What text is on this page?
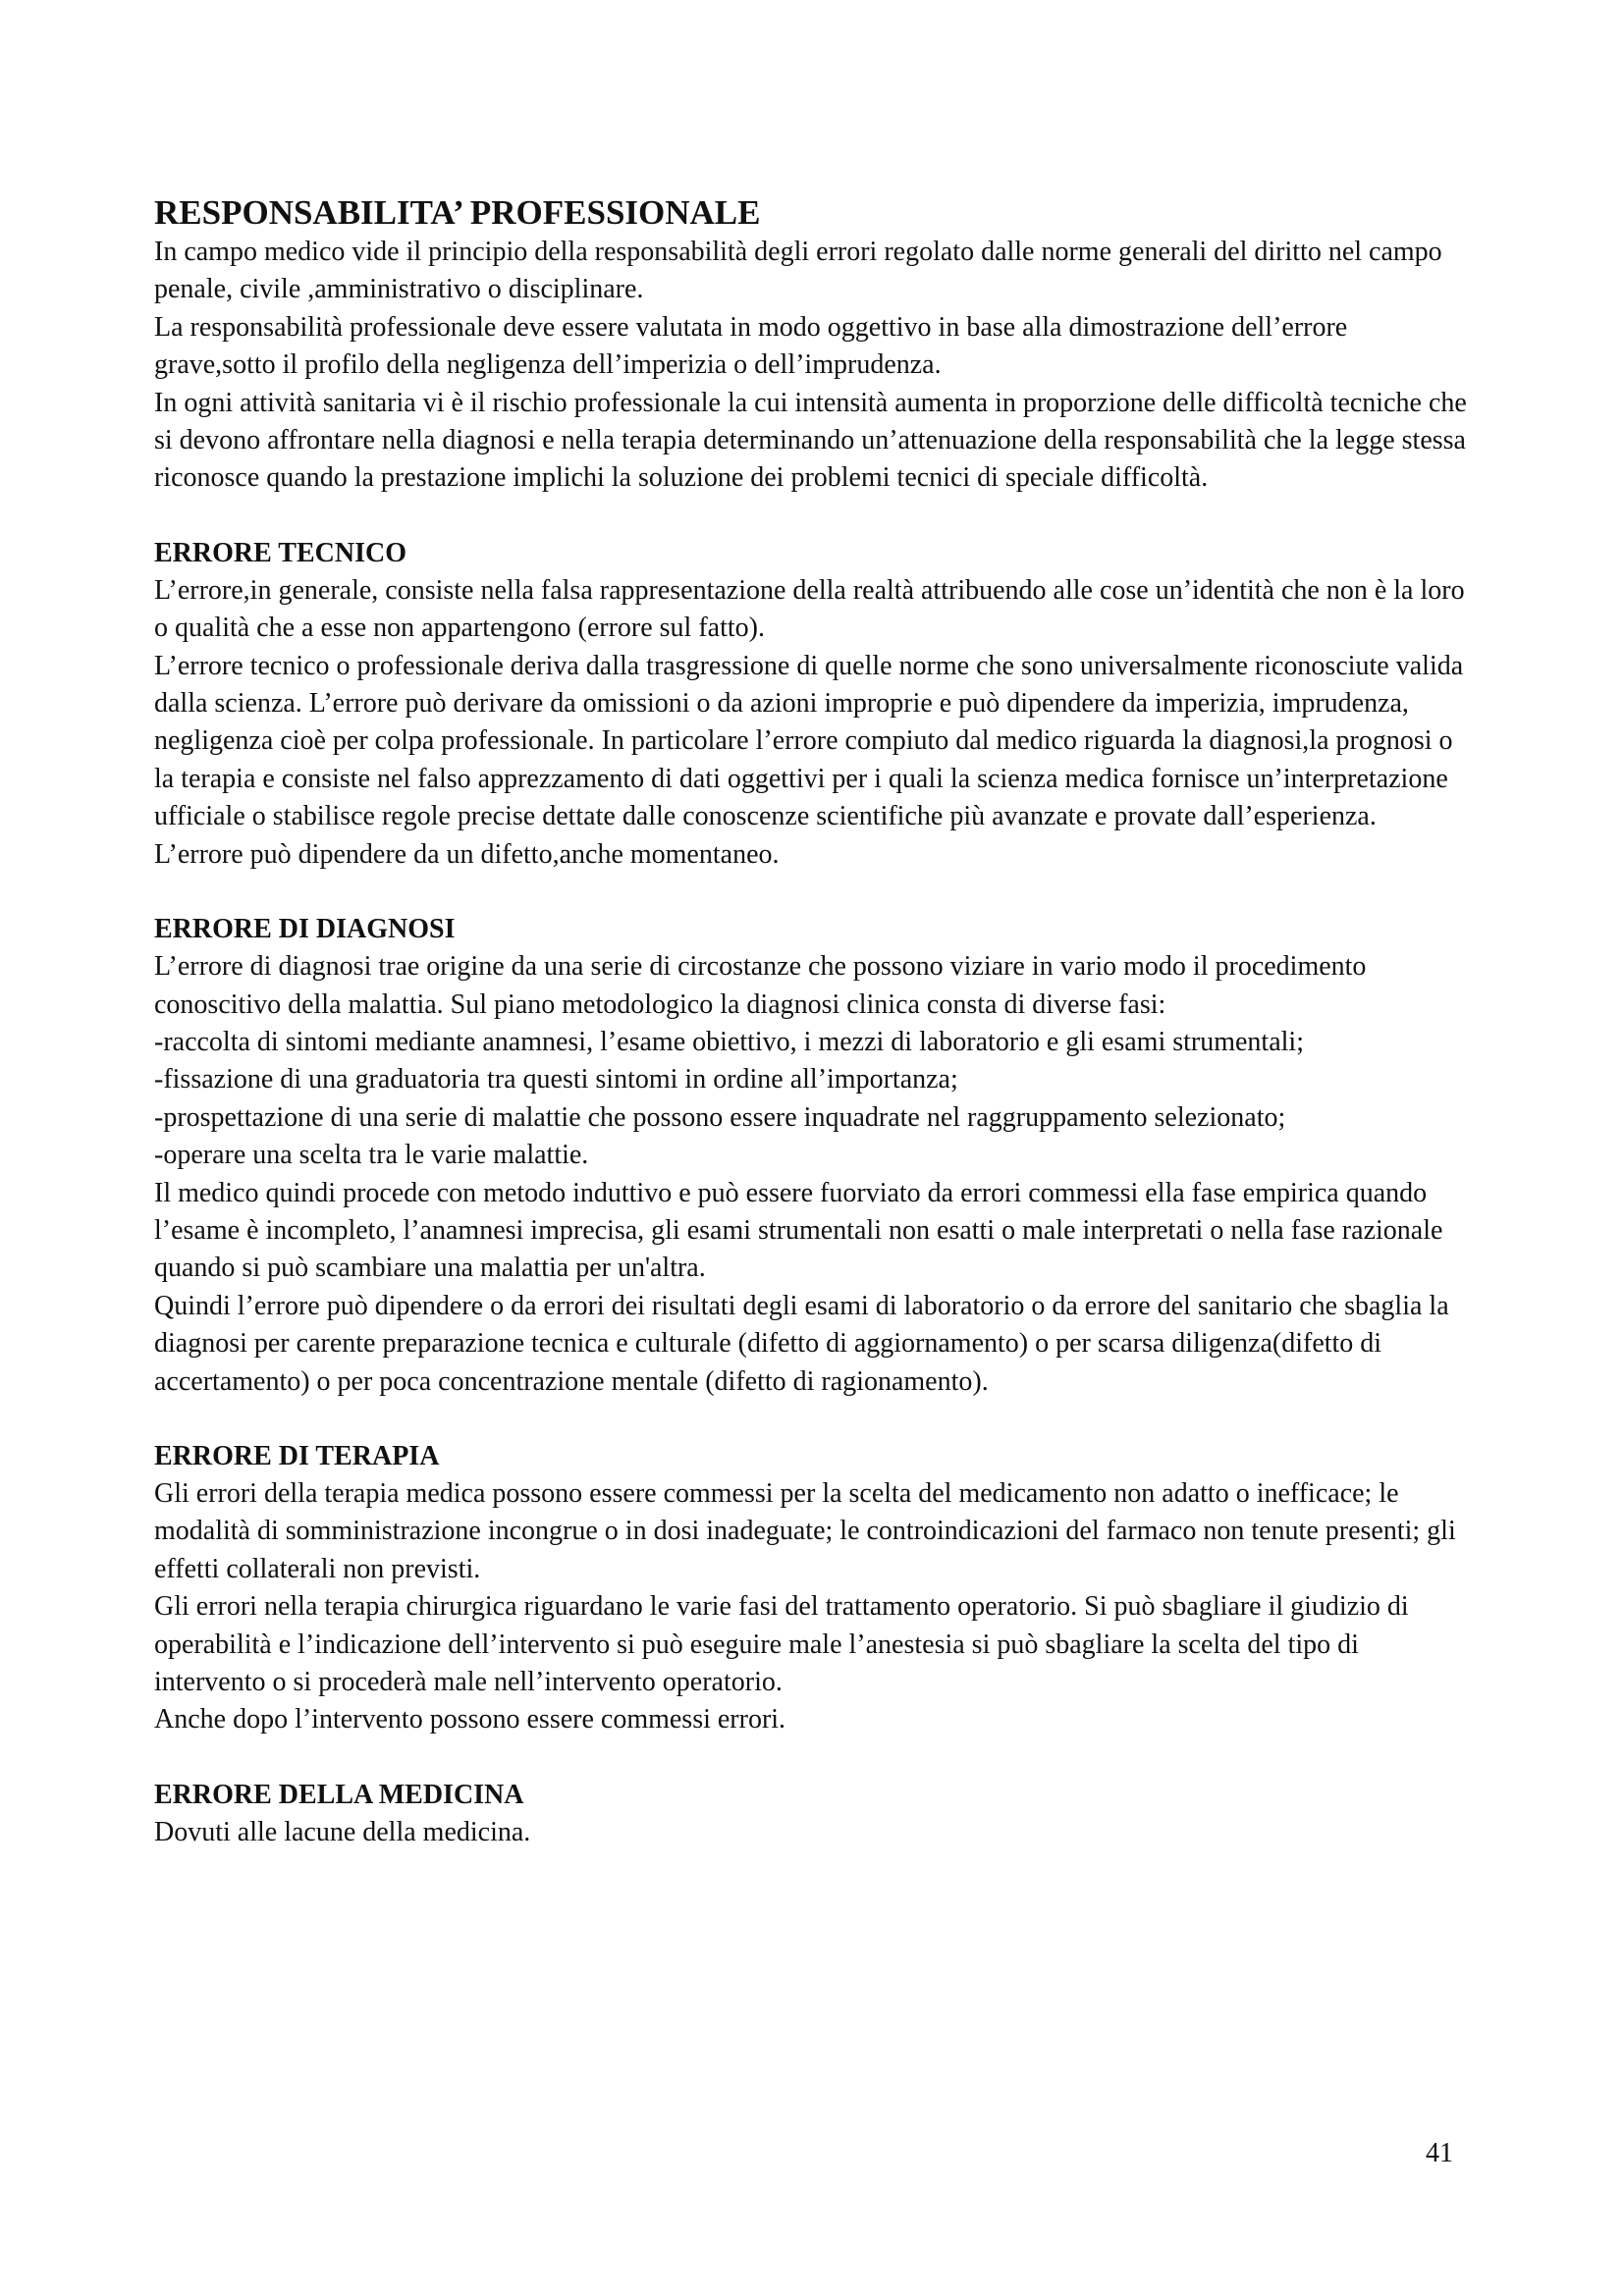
RESPONSABILITA’ PROFESSIONALE

In campo medico vide il principio della responsabilità degli errori regolato dalle norme generali del diritto nel campo penale, civile ,amministrativo o disciplinare.

La responsabilità professionale deve essere valutata in modo oggettivo in base alla dimostrazione dell’errore grave,sotto il profilo della negligenza dell’imperizia o dell’imprudenza.

In ogni attività sanitaria vi è il rischio professionale la cui intensità aumenta in proporzione delle difficoltà tecniche che si devono affrontare nella diagnosi e nella terapia determinando un’attenuazione della responsabilità che la legge stessa riconosce quando la prestazione implichi la soluzione dei problemi tecnici di speciale difficoltà.

ERRORE TECNICO

L’errore,in generale, consiste nella falsa rappresentazione della realtà attribuendo alle cose un’identità che non è la loro o qualità che a esse non appartengono (errore sul fatto).

L’errore tecnico o professionale deriva dalla trasgressione di quelle norme che sono universalmente riconosciute valida dalla scienza. L’errore può derivare da omissioni o da azioni improprie e può dipendere da imperizia, imprudenza, negligenza cioè per colpa professionale. In particolare l’errore compiuto dal medico riguarda la diagnosi,la prognosi o la terapia e consiste nel falso apprezzamento di dati oggettivi per i quali la scienza medica fornisce un’interpretazione ufficiale o stabilisce regole precise dettate dalle conoscenze scientifiche più avanzate e provate dall’esperienza.

L’errore può dipendere da un difetto,anche momentaneo.

ERRORE DI DIAGNOSI

L’errore di diagnosi trae origine da una serie di circostanze che possono viziare in vario modo il procedimento conoscitivo della malattia. Sul piano metodologico la diagnosi clinica consta di diverse fasi:

-raccolta di sintomi mediante anamnesi, l’esame obiettivo, i mezzi di laboratorio e gli esami strumentali;

-fissazione di una graduatoria tra questi sintomi in ordine all’importanza;

-prospettazione di una serie di malattie che possono essere inquadrate nel raggruppamento selezionato;

-operare una scelta tra le varie malattie.

Il medico quindi procede con metodo induttivo e può essere fuorviato da errori commessi ella fase empirica quando l’esame è incompleto, l’anamnesi imprecisa, gli esami strumentali non esatti o male interpretati o nella fase razionale quando si può scambiare una malattia per un'altra.

Quindi l’errore può dipendere o da errori dei risultati degli esami di laboratorio o da errore del sanitario che sbaglia la diagnosi per carente preparazione tecnica e culturale (difetto di aggiornamento) o per scarsa diligenza(difetto di accertamento) o per poca concentrazione mentale (difetto di ragionamento).

ERRORE DI TERAPIA

Gli errori della terapia medica possono essere commessi per la scelta del medicamento non adatto o inefficace; le modalità di somministrazione incongrue o in dosi inadeguate; le controindicazioni del farmaco non tenute presenti; gli effetti collaterali non previsti.

Gli errori nella terapia chirurgica riguardano le varie fasi del trattamento operatorio. Si può sbagliare il giudizio di operabilità e l’indicazione dell’intervento si può eseguire male l’anestesia si può sbagliare la scelta del tipo di intervento o si procederà male nell’intervento operatorio.

Anche dopo l’intervento possono essere commessi errori.

ERRORE DELLA MEDICINA

Dovuti alle lacune della medicina.

41
